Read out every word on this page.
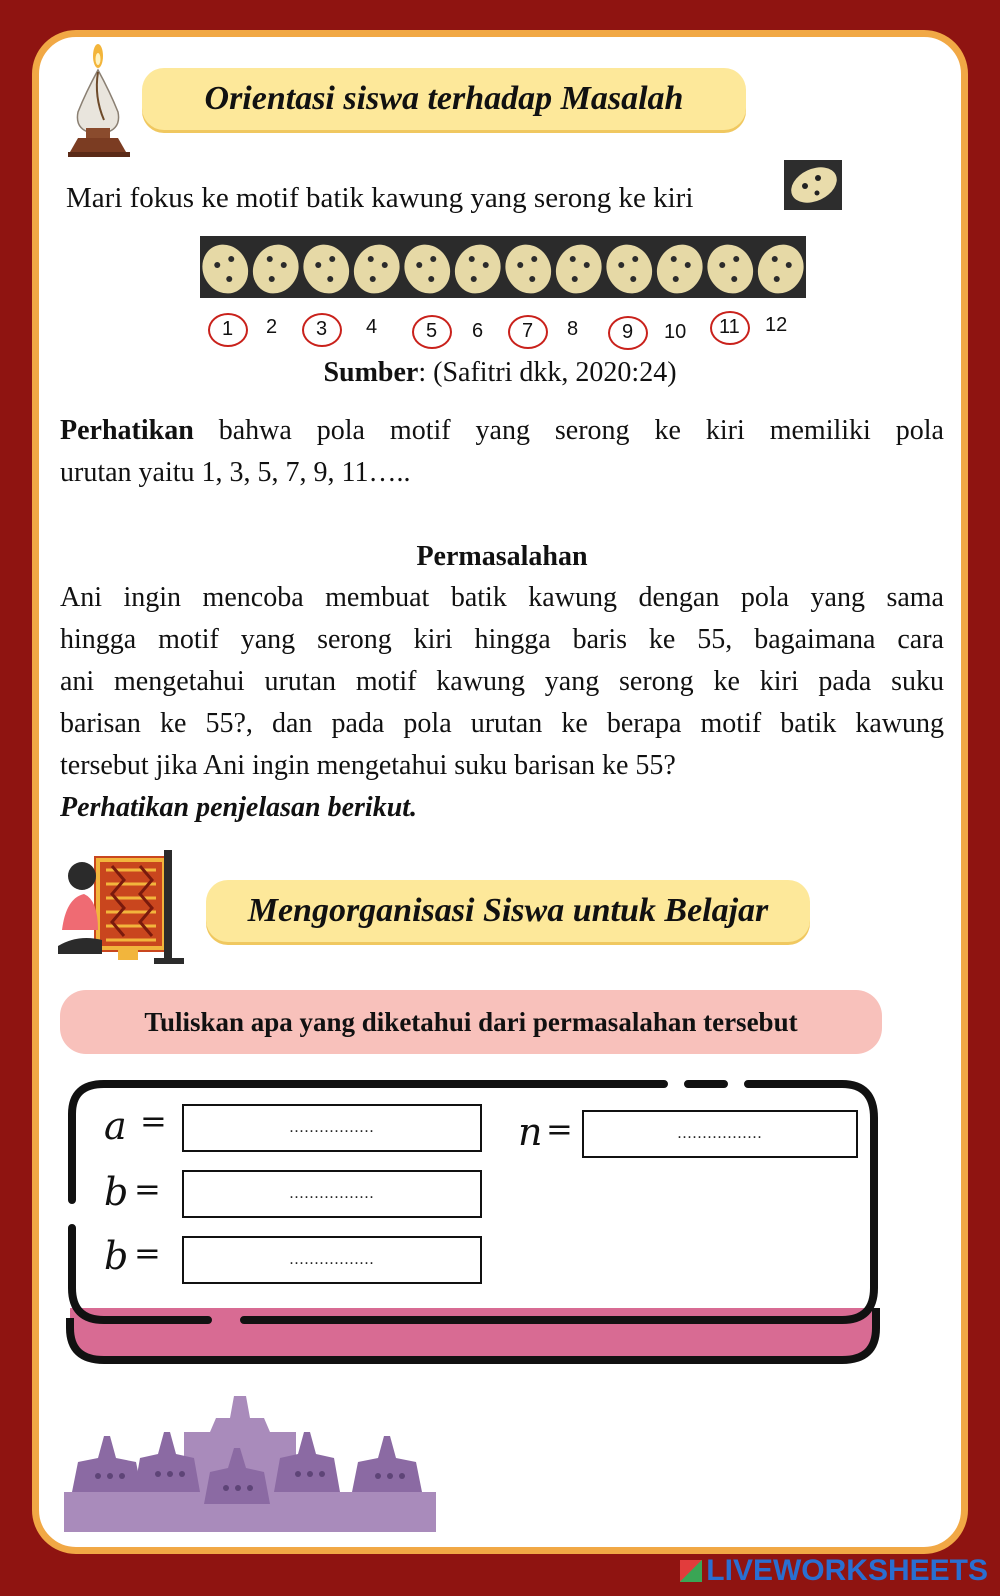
Orientasi siswa terhadap Masalah
Mari fokus ke motif batik kawung yang serong ke kiri
1 2 3 4 5 6 7 8 9 10 11 12
Sumber: (Safitri dkk, 2020:24)
Perhatikan bahwa pola motif yang serong ke kiri memiliki pola
urutan yaitu 1, 3, 5, 7, 9, 11…..
Permasalahan
Ani ingin mencoba membuat batik kawung dengan pola yang sama
hingga motif yang serong kiri hingga baris ke 55, bagaimana cara
ani mengetahui urutan motif kawung yang serong ke kiri pada suku
barisan ke 55?, dan pada pola urutan ke berapa motif batik kawung
tersebut jika Ani ingin mengetahui suku barisan ke 55?
Perhatikan penjelasan berikut.
Mengorganisasi Siswa untuk Belajar
Tuliskan apa yang diketahui dari permasalahan tersebut
a =	.................	n =	.................
b =	.................
b =	.................
LIVEWORKSHEETS
